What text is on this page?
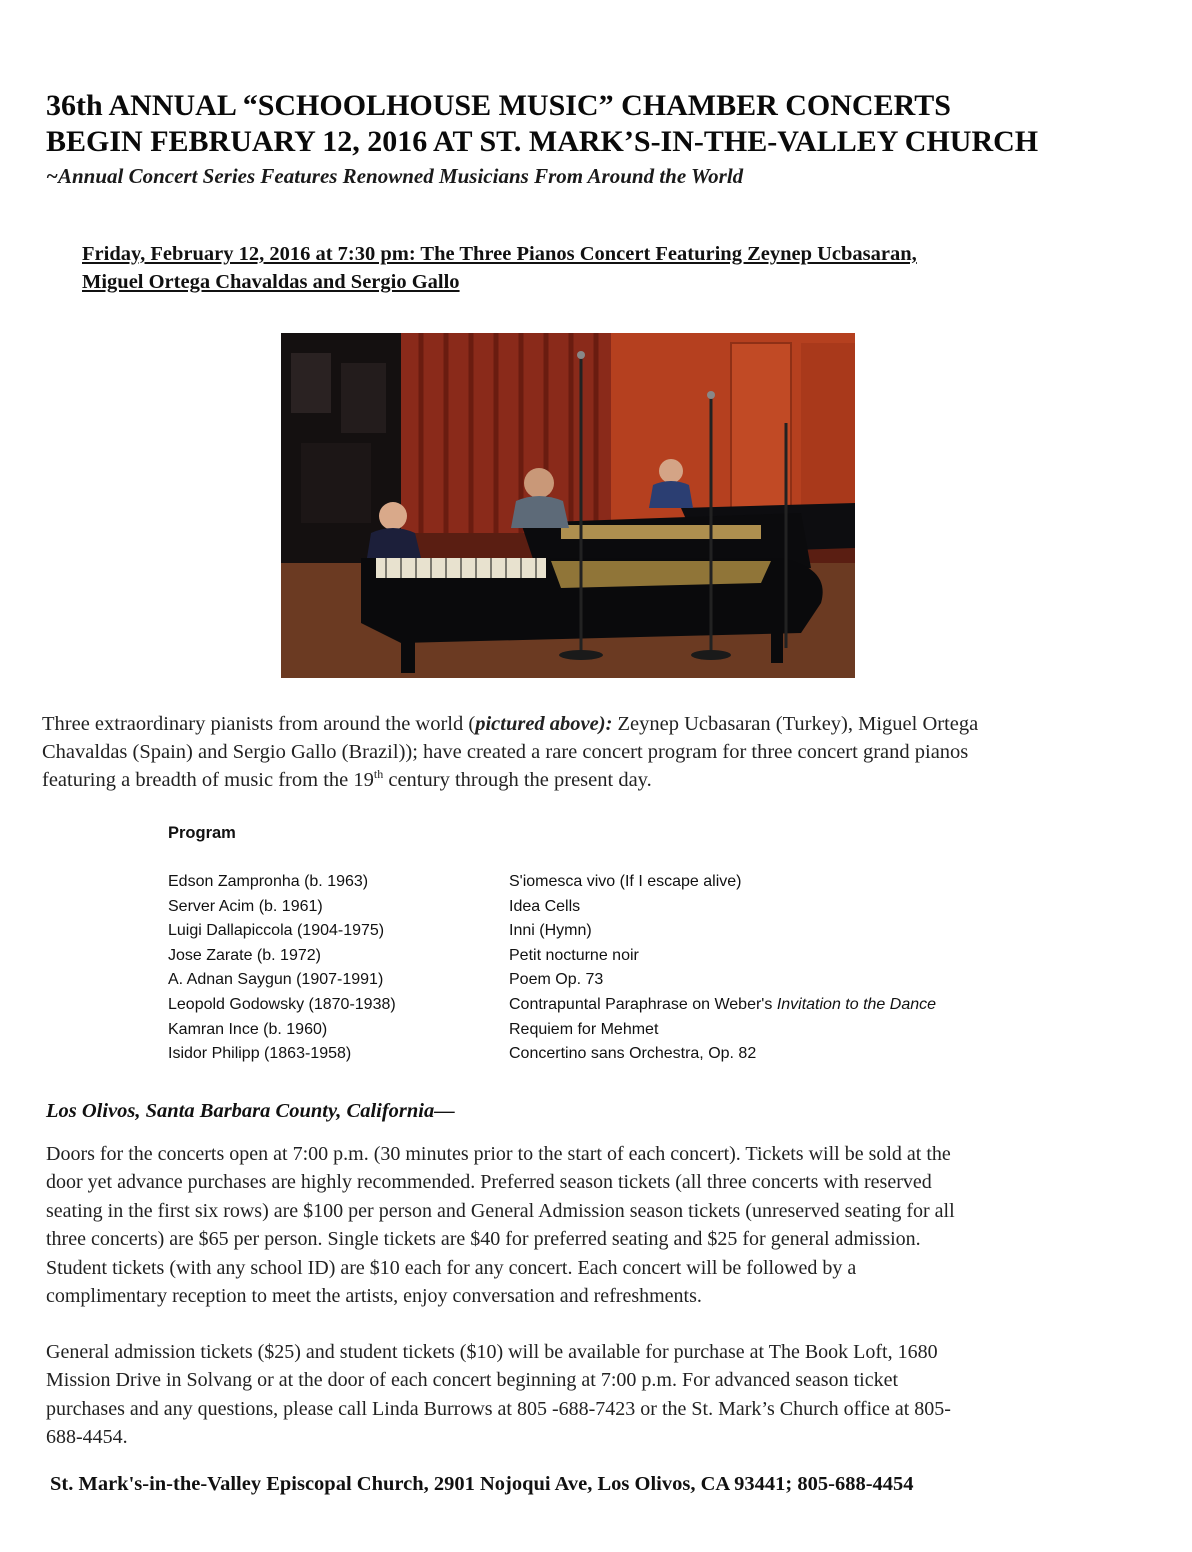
36th ANNUAL “SCHOOLHOUSE MUSIC” CHAMBER CONCERTS
BEGIN FEBRUARY 12, 2016 AT ST. MARK’S-IN-THE-VALLEY CHURCH
~Annual Concert Series Features Renowned Musicians From Around the World
Friday, February 12, 2016 at 7:30 pm: The Three Pianos Concert Featuring Zeynep Ucbasaran,
Miguel Ortega Chavaldas and Sergio Gallo
Three extraordinary pianists from around the world (pictured above): Zeynep Ucbasaran (Turkey), Miguel Ortega
Chavaldas (Spain) and Sergio Gallo (Brazil)); have created a rare concert program for three concert grand pianos
featuring a breadth of music from the 19th century through the present day.
Program
Edson Zampronha (b. 1963)	S'iomesca vivo (If I escape alive)
Server Acim (b. 1961)	Idea Cells
Luigi Dallapiccola (1904-1975)	Inni (Hymn)
Jose Zarate (b. 1972)	Petit nocturne noir
A. Adnan Saygun (1907-1991)	Poem Op. 73
Leopold Godowsky (1870-1938)	Contrapuntal Paraphrase on Weber's Invitation to the Dance
Kamran Ince (b. 1960)	Requiem for Mehmet
Isidor Philipp (1863-1958)	Concertino sans Orchestra, Op. 82
Los Olivos, Santa Barbara County, California—
Doors for the concerts open at 7:00 p.m. (30 minutes prior to the start of each concert). Tickets will be sold at the
door yet advance purchases are highly recommended. Preferred season tickets (all three concerts with reserved
seating in the first six rows) are $100 per person and General Admission season tickets (unreserved seating for all
three concerts) are $65 per person. Single tickets are $40 for preferred seating and $25 for general admission.
Student tickets (with any school ID) are $10 each for any concert. Each concert will be followed by a
complimentary reception to meet the artists, enjoy conversation and refreshments.
General admission tickets ($25) and student tickets ($10) will be available for purchase at The Book Loft, 1680
Mission Drive in Solvang or at the door of each concert beginning at 7:00 p.m. For advanced season ticket
purchases and any questions, please call Linda Burrows at 805 -688-7423 or the St. Mark’s Church office at 805-
688-4454.
St. Mark's-in-the-Valley Episcopal Church, 2901 Nojoqui Ave, Los Olivos, CA 93441; 805-688-4454
